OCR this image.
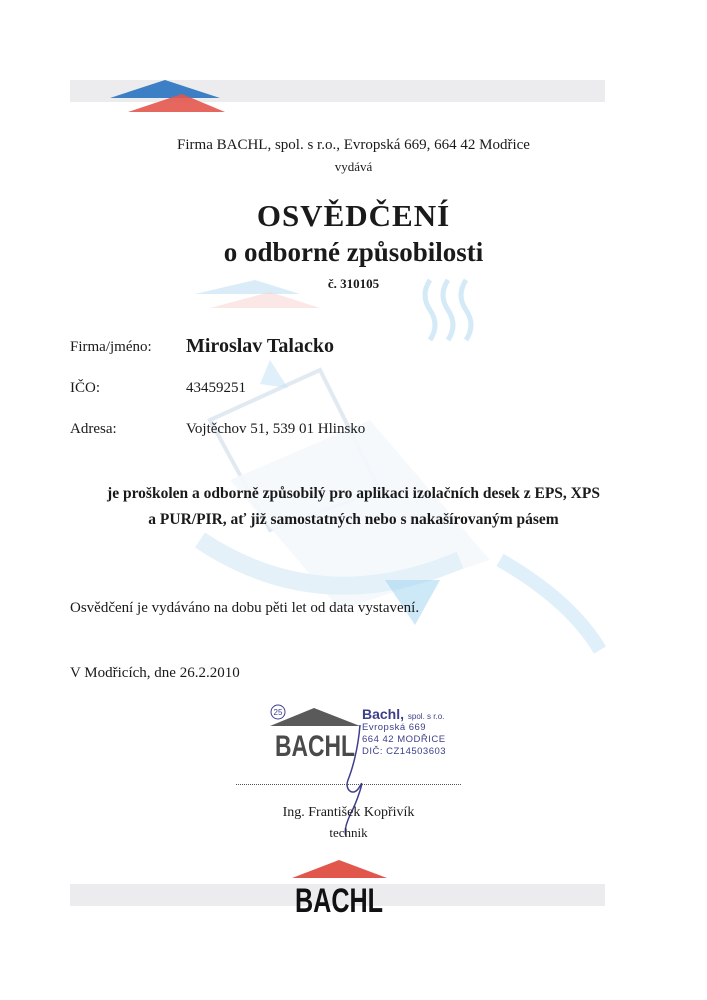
Firma BACHL, spol. s r.o., Evropská 669, 664 42 Modřice
vydává
OSVĚDČENÍ
o odborné způsobilosti
č. 310105
Firma/jméno: Miroslav Talacko
IČO:	43459251
Adresa:	Vojtěchov 51, 539 01 Hlinsko
je proškolen a odborně způsobilý pro aplikaci izolačních desek z EPS, XPS
a PUR/PIR, ať již samostatných nebo s nakašírovaným pásem
Osvědčení je vydáváno na dobu pěti let od data vystavení.
V Modřicích, dne 26.2.2010
25
BACHL
Bachl, spol. s r.o.
Evropská 669
664 42 MODŘICE
DIČ: CZ14503603
Ing. František Kopřivík
technik
BACHL
